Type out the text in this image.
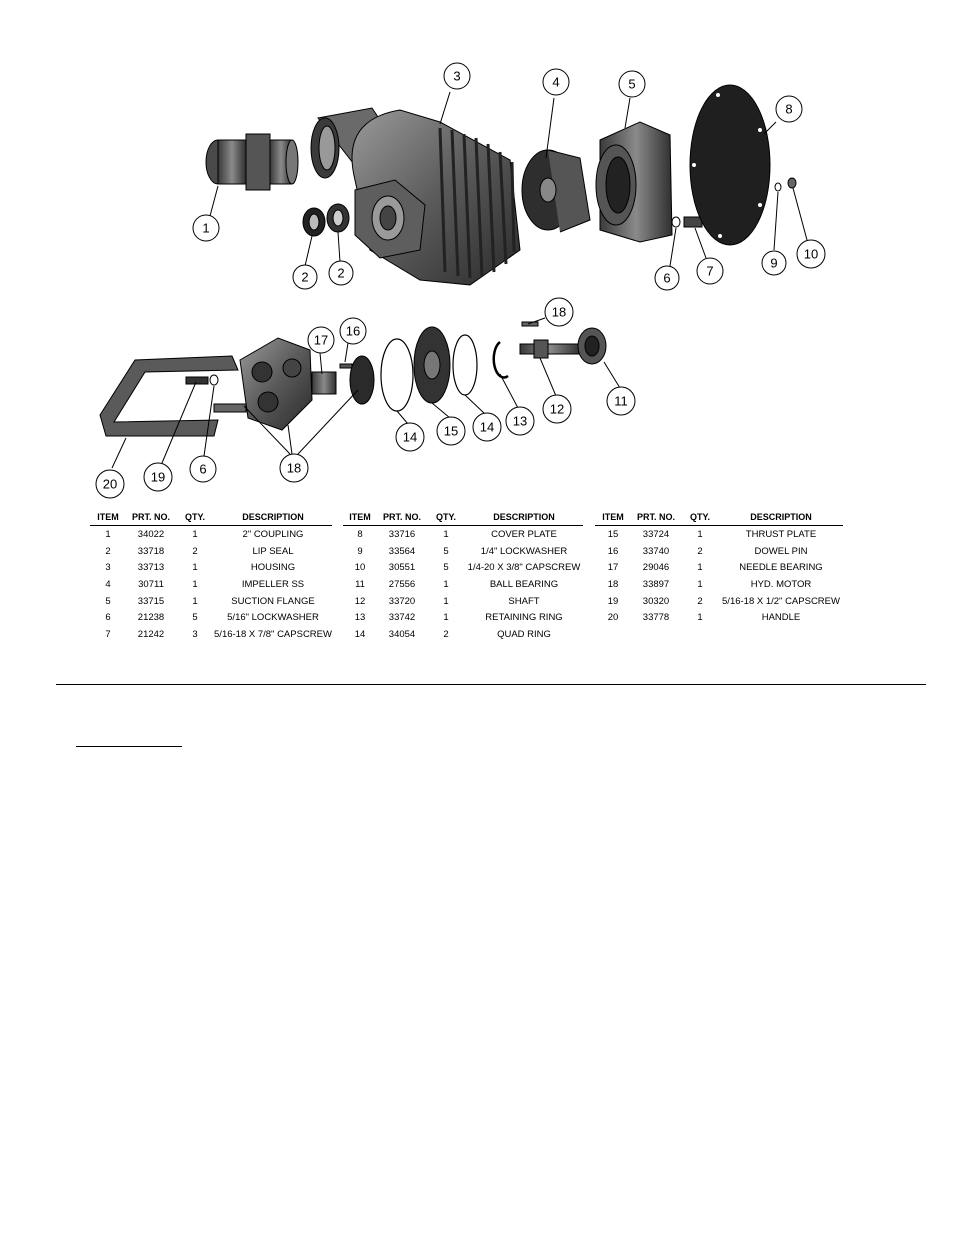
1
2 2
3	4	5
6	7
8
9
10
11
12
13
14
14 15
16
17
18
18
19
6
20
ITEM	PRT. NO.	QTY.	DESCRIPTION
1	34022	1	2" COUPLING
2	33718	2	LIP SEAL
3	33713	1	HOUSING
4	30711	1	IMPELLER SS
5	33715	1	SUCTION FLANGE
6	21238	5	5/16" LOCKWASHER
7	21242	3	5/16-18 X 7/8" CAPSCREW
ITEM	PRT. NO.	QTY.	DESCRIPTION
8	33716	1	COVER PLATE
9	33564	5	1/4" LOCKWASHER
10	30551	5	1/4-20 X 3/8" CAPSCREW
11	27556	1	BALL BEARING
12	33720	1	SHAFT
13	33742	1	RETAINING RING
14	34054	2	QUAD RING
ITEM	PRT. NO.	QTY.	DESCRIPTION
15	33724	1	THRUST PLATE
16	33740	2	DOWEL PIN
17	29046	1	NEEDLE BEARING
18	33897	1	HYD. MOTOR
19	30320	2	5/16-18 X 1/2" CAPSCREW
20	33778	1	HANDLE
